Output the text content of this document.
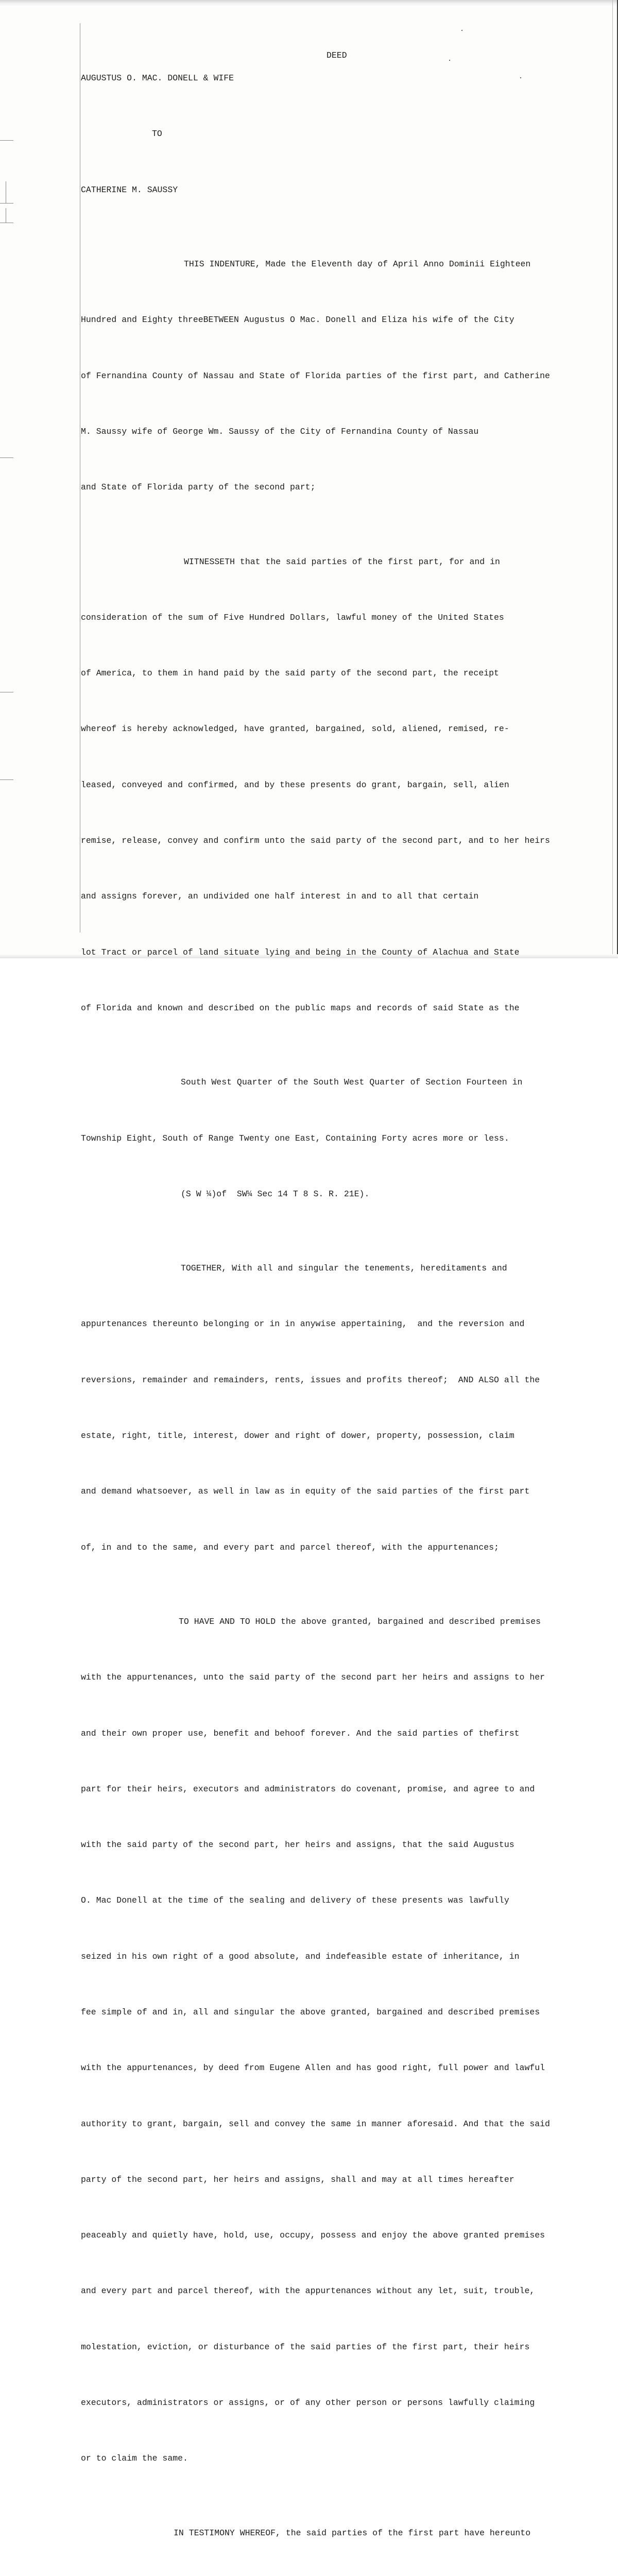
DEED

AUGUSTUS O. MAC. DONELL & WIFE

TO

CATHERINE M. SAUSSY

THIS INDENTURE, Made the Eleventh day of April Anno Dominii Eighteen

Hundred and Eighty threeBETWEEN Augustus O Mac. Donell and Eliza his wife of the City

of Fernandina County of Nassau and State of Florida parties of the first part, and Catherine

M. Saussy wife of George Wm. Saussy of the City of Fernandina County of Nassau

and State of Florida party of the second part;

WITNESSETH that the said parties of the first part, for and in

consideration of the sum of Five Hundred Dollars, lawful money of the United States

of America, to them in hand paid by the said party of the second part, the receipt

whereof is hereby acknowledged, have granted, bargained, sold, aliened, remised, re-

leased, conveyed and confirmed, and by these presents do grant, bargain, sell, alien

remise, release, convey and confirm unto the said party of the second part, and to her heirs

and assigns forever, an undivided one half interest in and to all that certain

lot Tract or parcel of land situate lying and being in the County of Alachua and State

of Florida and known and described on the public maps and records of said State as the

South West Quarter of the South West Quarter of Section Fourteen in

Township Eight, South of Range Twenty one East, Containing Forty acres more or less.

(S W ¼)of  SW¼ Sec 14 T 8 S. R. 21E).

TOGETHER, With all and singular the tenements, hereditaments and

appurtenances thereunto belonging or in in anywise appertaining,  and the reversion and

reversions, remainder and remainders, rents, issues and profits thereof;  AND ALSO all the

estate, right, title, interest, dower and right of dower, property, possession, claim

and demand whatsoever, as well in law as in equity of the said parties of the first part

of, in and to the same, and every part and parcel thereof, with the appurtenances;

TO HAVE AND TO HOLD the above granted, bargained and described premises

with the appurtenances, unto the said party of the second part her heirs and assigns to her

and their own proper use, benefit and behoof forever. And the said parties of thefirst

part for their heirs, executors and administrators do covenant, promise, and agree to and

with the said party of the second part, her heirs and assigns, that the said Augustus

O. Mac Donell at the time of the sealing and delivery of these presents was lawfully

seized in his own right of a good absolute, and indefeasible estate of inheritance, in

fee simple of and in, all and singular the above granted, bargained and described premises

with the appurtenances, by deed from Eugene Allen and has good right, full power and lawful

authority to grant, bargain, sell and convey the same in manner aforesaid. And that the said

party of the second part, her heirs and assigns, shall and may at all times hereafter

peaceably and quietly have, hold, use, occupy, possess and enjoy the above granted premises

and every part and parcel thereof, with the appurtenances without any let, suit, trouble,

molestation, eviction, or disturbance of the said parties of the first part, their heirs

executors, administrators or assigns, or of any other person or persons lawfully claiming

or to claim the same.

IN TESTIMONY WHEREOF, the said parties of the first part have hereunto
